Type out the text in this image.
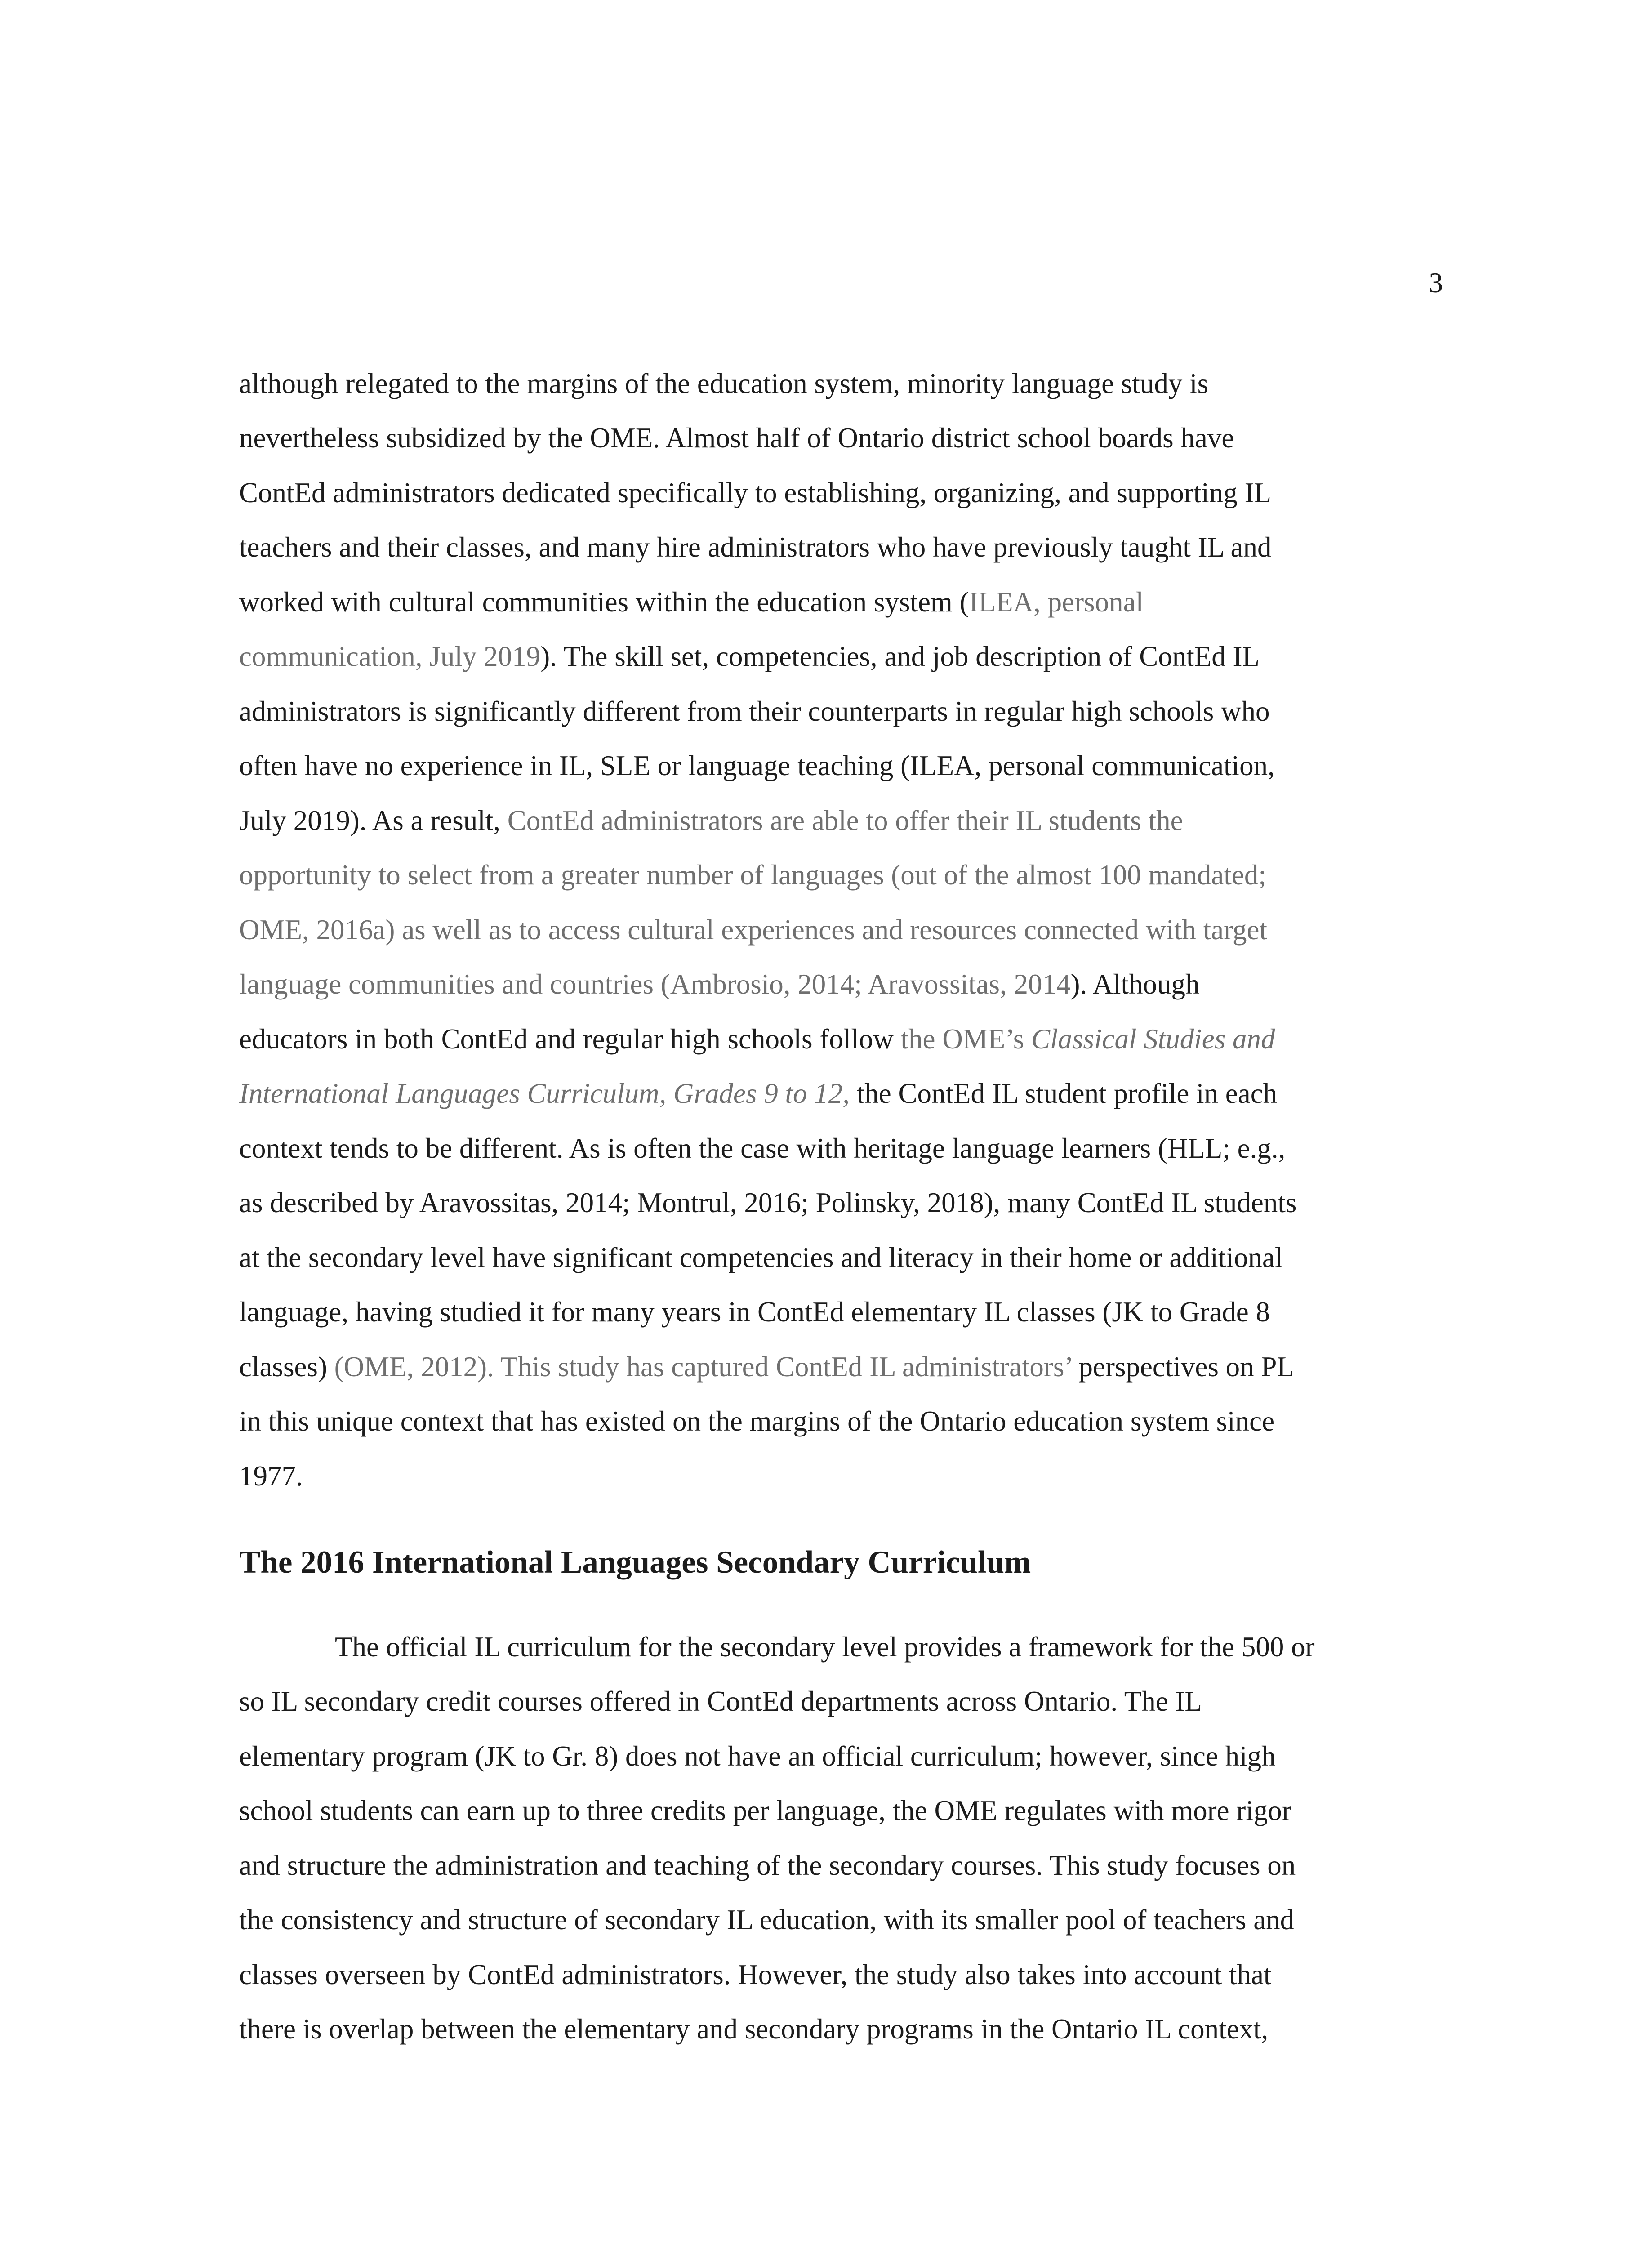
3
although relegated to the margins of the education system, minority language study is
nevertheless subsidized by the OME. Almost half of Ontario district school boards have
ContEd administrators dedicated specifically to establishing, organizing, and supporting IL
teachers and their classes, and many hire administrators who have previously taught IL and
worked with cultural communities within the education system (ILEA, personal
communication, July 2019). The skill set, competencies, and job description of ContEd IL
administrators is significantly different from their counterparts in regular high schools who
often have no experience in IL, SLE or language teaching (ILEA, personal communication,
July 2019). As a result, ContEd administrators are able to offer their IL students the
opportunity to select from a greater number of languages (out of the almost 100 mandated;
OME, 2016a) as well as to access cultural experiences and resources connected with target
language communities and countries (Ambrosio, 2014; Aravossitas, 2014). Although
educators in both ContEd and regular high schools follow the OME’s Classical Studies and
International Languages Curriculum, Grades 9 to 12, the ContEd IL student profile in each
context tends to be different. As is often the case with heritage language learners (HLL; e.g.,
as described by Aravossitas, 2014; Montrul, 2016; Polinsky, 2018), many ContEd IL students
at the secondary level have significant competencies and literacy in their home or additional
language, having studied it for many years in ContEd elementary IL classes (JK to Grade 8
classes) (OME, 2012). This study has captured ContEd IL administrators’ perspectives on PL
in this unique context that has existed on the margins of the Ontario education system since
1977.
The 2016 International Languages Secondary Curriculum
The official IL curriculum for the secondary level provides a framework for the 500 or
so IL secondary credit courses offered in ContEd departments across Ontario. The IL
elementary program (JK to Gr. 8) does not have an official curriculum; however, since high
school students can earn up to three credits per language, the OME regulates with more rigor
and structure the administration and teaching of the secondary courses. This study focuses on
the consistency and structure of secondary IL education, with its smaller pool of teachers and
classes overseen by ContEd administrators. However, the study also takes into account that
there is overlap between the elementary and secondary programs in the Ontario IL context,
